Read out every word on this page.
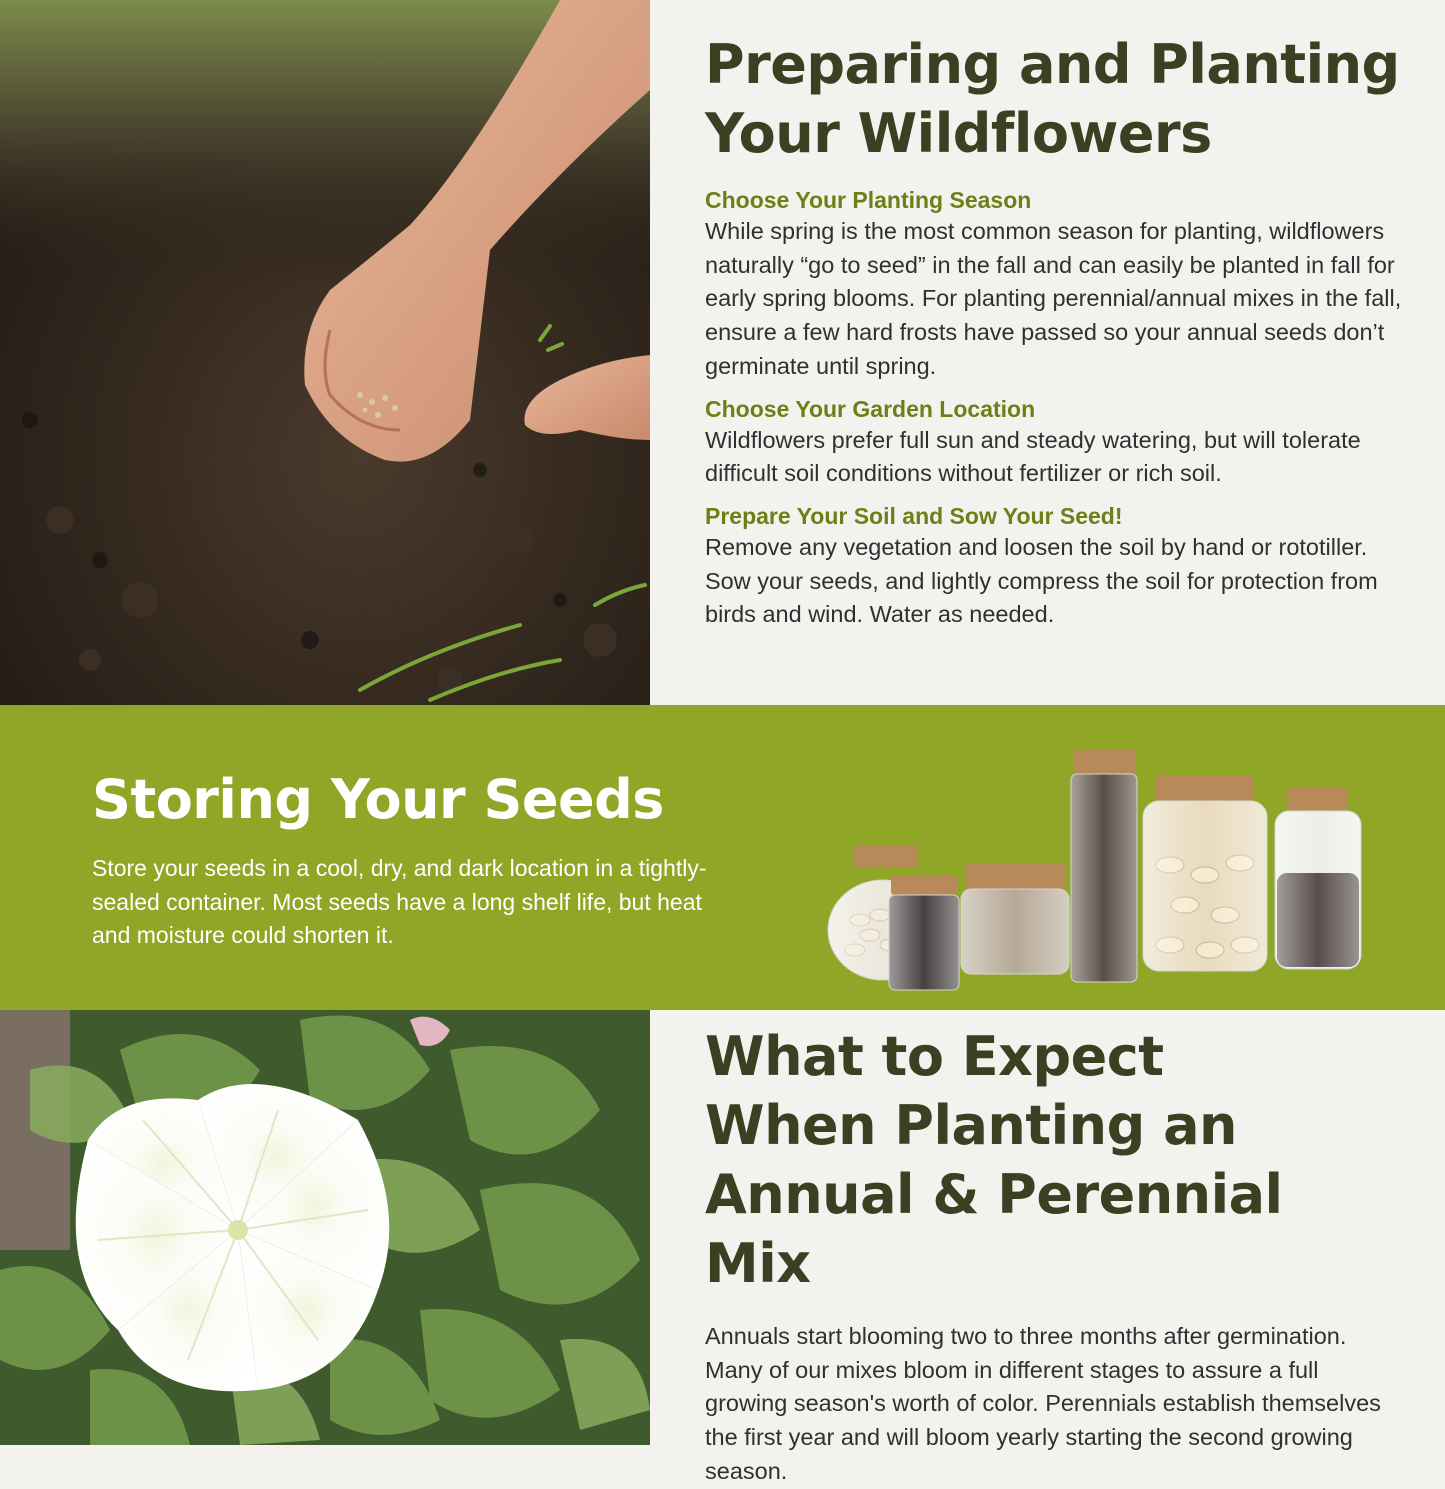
Preparing and Planting Your Wildflowers
Choose Your Planting Season

While spring is the most common season for planting, wildflowers naturally “go to seed” in the fall and can easily be planted in fall for early spring blooms. For planting perennial/annual mixes in the fall, ensure a few hard frosts have passed so your annual seeds don’t germinate until spring.

Choose Your Garden Location

Wildflowers prefer full sun and steady watering, but will tolerate difficult soil conditions without fertilizer or rich soil.

Prepare Your Soil and Sow Your Seed!

Remove any vegetation and loosen the soil by hand or rototiller. Sow your seeds, and lightly compress the soil for protection from birds and wind. Water as needed.

Storing Your Seeds

Store your seeds in a cool, dry, and dark location in a tightly-sealed container. Most seeds have a long shelf life, but heat and moisture could shorten it.

What to Expect When Planting an Annual & Perennial Mix

Annuals start blooming two to three months after germination. Many of our mixes bloom in different stages to assure a full growing season's worth of color. Perennials establish themselves the first year and will bloom yearly starting the second growing season.
